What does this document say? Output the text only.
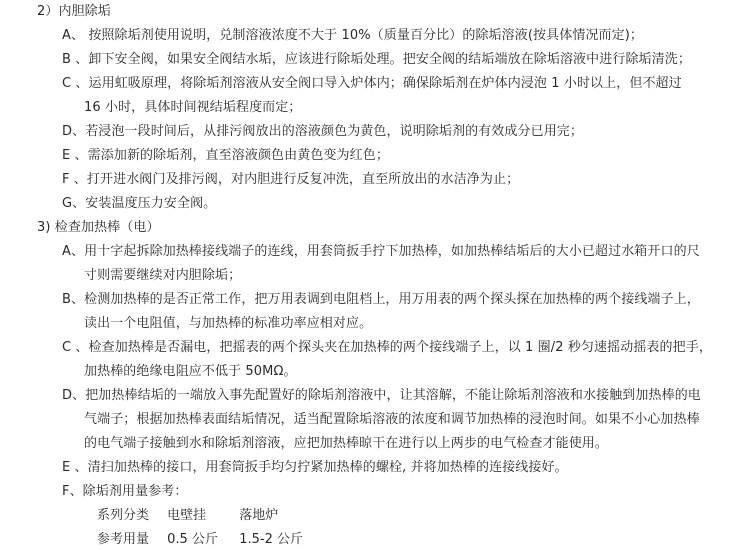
2）内胆除垢
A、 按照除垢剂使用说明，兑制溶液浓度不大于 10%（质量百分比）的除垢溶液(按具体情况而定)；
B 、卸下安全阀，如果安全阀结水垢，应该进行除垢处理。把安全阀的结垢端放在除垢溶液中进行除垢清洗；
C 、运用虹吸原理，将除垢剂溶液从安全阀口导入炉体内；确保除垢剂在炉体内浸泡 1 小时以上，但不超过
16 小时，具体时间视结垢程度而定；
D、若浸泡一段时间后，从排污阀放出的溶液颜色为黄色，说明除垢剂的有效成分已用完；
E 、需添加新的除垢剂，直至溶液颜色由黄色变为红色；
F 、打开进水阀门及排污阀，对内胆进行反复冲洗，直至所放出的水洁净为止；
G、安装温度压力安全阀。
3) 检查加热棒（电）
A、用十字起拆除加热棒接线端子的连线，用套筒扳手拧下加热棒，如加热棒结垢后的大小已超过水箱开口的尺
寸则需要继续对内胆除垢；
B、检测加热棒的是否正常工作，把万用表调到电阻档上，用万用表的两个探头探在加热棒的两个接线端子上，
读出一个电阻值，与加热棒的标准功率应相对应。
C 、检查加热棒是否漏电，把摇表的两个探头夹在加热棒的两个接线端子上，以 1 圈/2 秒匀速摇动摇表的把手，
加热棒的绝缘电阻应不低于 50MΩ。
D、把加热棒结垢的一端放入事先配置好的除垢剂溶液中，让其溶解，不能让除垢剂溶液和水接触到加热棒的电
气端子；根据加热棒表面结垢情况，适当配置除垢溶液的浓度和调节加热棒的浸泡时间。如果不小心加热棒
的电气端子接触到水和除垢剂溶液，应把加热棒晾干在进行以上两步的电气检查才能使用。
E 、清扫加热棒的接口，用套筒扳手均匀拧紧加热棒的螺栓, 并将加热棒的连接线接好。
F、除垢剂用量参考：
系列分类 电壁挂	落地炉
参考用量 0.5 公斤 1.5-2 公斤
